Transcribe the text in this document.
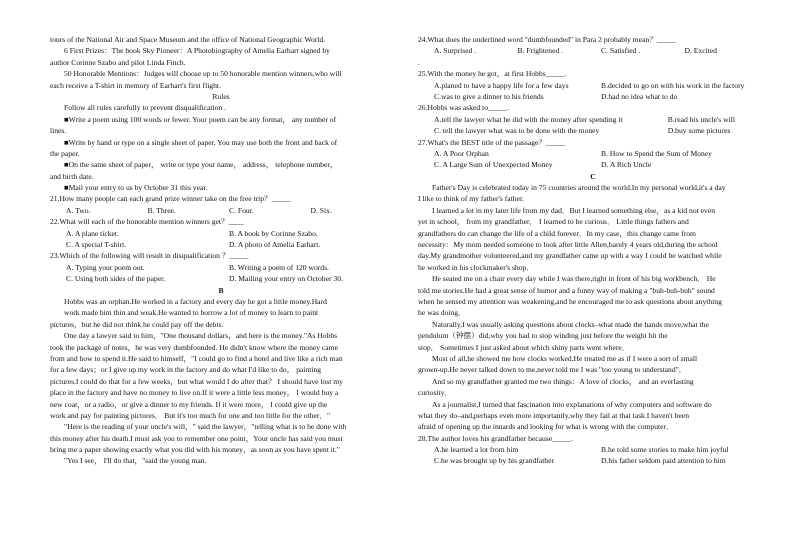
tours of the National Air and Space Museum and the office of National Geographic World.
6 First Prizes：The book Sky Pioneer：A Photobiography of Amelia Earhart signed by
author Corinne Szabo and pilot Linda Finch.
50 Honorable Mentions：Judges will choose up to 50 honorable mention winners,who will
each receive a T-shirt in memory of Earhart's first flight.
Rules
Follow all rules carefully to prevent disqualification .
■Write a poem using 100 words or fewer. Your poem can be any format， any number of
lines.
■Write by hand or type on a single sheet of paper. You may use both the front and back of
the paper.
■On the same sheet of paper， write or type your name， address， telephone number，
and birth date.
■Mail your entry to us by October 31 this year.
21.How many people can each grand prize winner take on the free trip？_____
A. Two.	B. Three.	C. Four.	D. Six.
22.What will each of the honorable mention winners get？____
A. A plane ticket.	B. A book by Corinne Szabo.
C. A special T-shirt.	D. A photo of Amelia Earhart.
23.Which of the following will result in disqualification ？_____
A. Typing your poem out.	B. Writing a poem of 120 words.
C. Using both sides of the paper.	D. Mailing your entry on October 30.
B
Hobbs was an orphan.He worked in a factory and every day he got a little money.Hard
work made him thin and weak.He wanted to borrow a lot of money to learn to paint
pictures，but he did not think he could pay off the debts.
One day a lawyer said to him，"One thousand dollars，and here is the money."As Hobbs
took the package of notes，he was very dumbfounded. He didn't know where the money came
from and how to spend it.He said to himself，"I could go to find a hotel and live like a rich man
for a few days；or I give up my work in the factory and do what I'd like to do， painting
pictures.I could do that for a few weeks，but what would I do after that？ I should have lost my
place in the factory and have no money to live on.If it were a little less money， I would buy a
new coat，or a radio，or give a dinner to my friends. If it were more， I could give up the
work and pay for painting pictures． But it's too much for one and too little for the other．"
"Here is the reading of your uncle's will，" said the lawyer，"telling what is to be done with
this money after his death.I must ask you to remember one point，Your uncle has said you must
bring me a paper showing exactly what you did with his money，as soon as you have spent it."
"Yes I see， I'll do that，"said the young man.
24.What does the underlined word "dumbfounded" in Para 2 probably mean？_____
A. Surprised .	B. Frightened .	C. Satisfied .	D. Excited
.
25.With the money he got，at first Hobbs_____.
A.planed to have a happy life for a few days	B.decided to go on with his work in the factory
C.was to give a dinner to his friends	D.had no idea what to do
26.Hobbs was asked to_____.
A.tell the lawyer what he did with the money after spending it	B.read his uncle's will
C. tell the lawyer what was to be done with the money	D.buy some pictures
27.What's the BEST title of the passage？_____
A. A Poor Orphan	B. How to Spend the Sum of Money
C. A Large Sum of Unexpected Money	D. A Rich Uncle
C
Father's Day is celebrated today in 75 countries around the world.In my personal world,it's a day
I like to think of my father's father.
I learned a lot in my later life from my dad．But I learned something else，as a kid not even
yet in school， from my grandfather． I learned to be curious． Little things fathers and
grandfathers do can change the life of a child forever．In my case，this change came from
necessity：My mom needed someone to look after little Allen,barely 4 years old,during the school
day.My grandmother volunteered,and my grandfather came up with a way I could be watched while
he worked in his clockmaker's shop．
He seated me on a chair every day while I was there,right in front of his big workbench． He
told me stories.He had a great sense of humor and a funny way of making a "buh-buh-buh" sound
when he sensed my attention was weakening,and he encouraged me to ask questions about anything
he was doing．
Naturally,I was usually asking questions about clocks–what made the hands move,what the
pendulum（钟摆）did,why you had to stop winding just before the weight hit the
stop． Sometimes I just asked about which shiny parts went where．
Most of all,he showed me how clocks worked.He treated me as if I were a sort of small
grown-up.He never talked down to me,never told me I was "too young to understand"．
And so my grandfather granted me two things：A love of clocks， and an everlasting
curiosity．
As a journalist,I turned that fascination into explanations of why computers and software do
what they do–and,perhaps even more importantly,why they fail at that task.I haven't been
afraid of opening up the innards and looking for what is wrong with the computer．
28.The author loves his grandfather because_____.
A.he learned a lot from him	B.he told some stories to make him joyful
C.he was brought up by his grandfather	D.his father seldom paid attention to him
